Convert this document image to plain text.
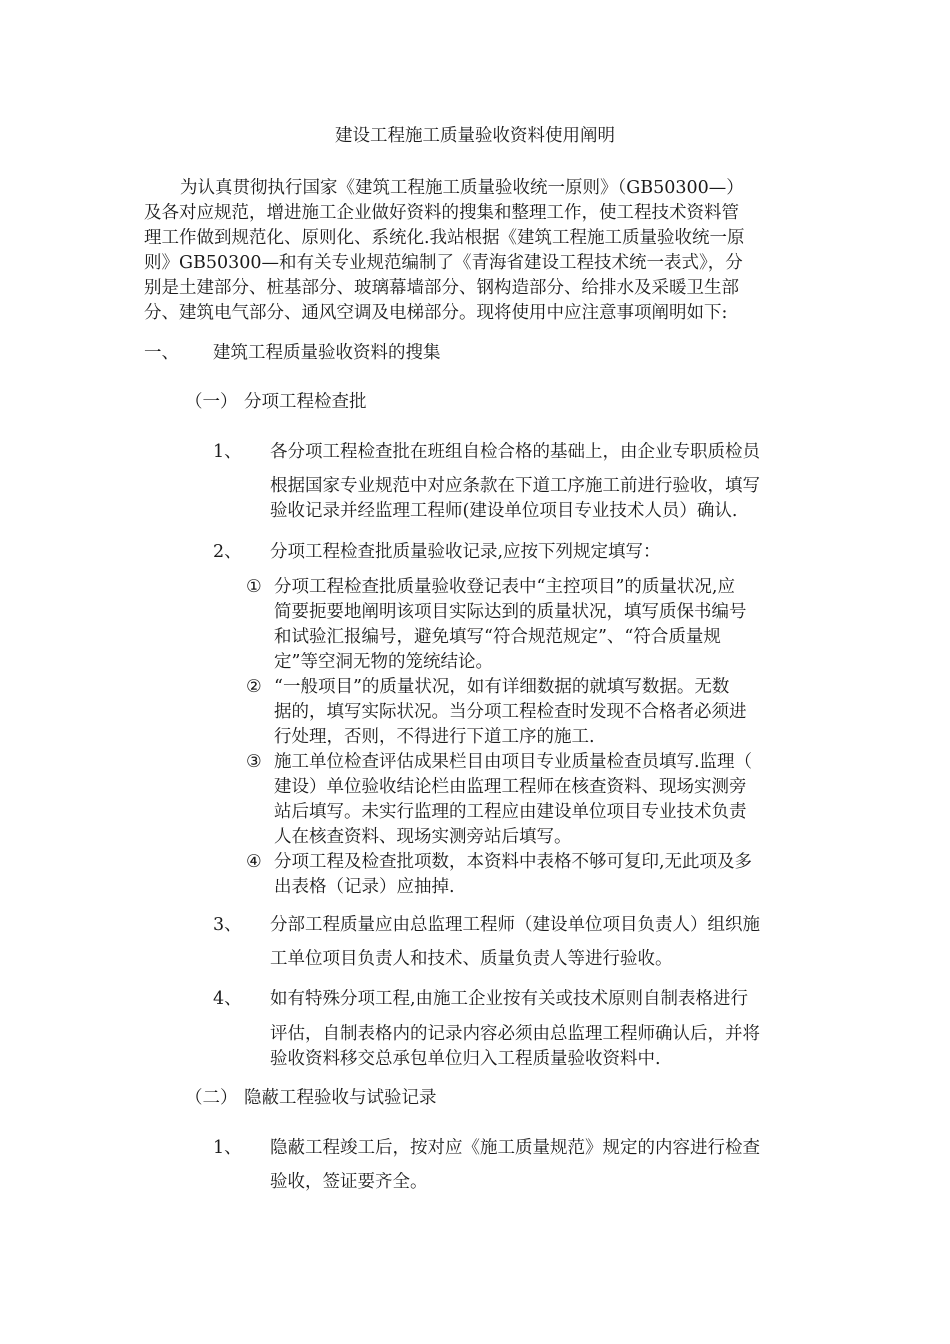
建设工程施工质量验收资料使用阐明
为认真贯彻执行国家《建筑工程施工质量验收统一原则》（GB50300—）
及各对应规范，增进施工企业做好资料的搜集和整理工作，使工程技术资料管
理工作做到规范化、原则化、系统化.我站根据《建筑工程施工质量验收统一原
则》GB50300—和有关专业规范编制了《青海省建设工程技术统一表式》，分
别是土建部分、桩基部分、玻璃幕墙部分、钢构造部分、给排水及采暖卫生部
分、建筑电气部分、通风空调及电梯部分。现将使用中应注意事项阐明如下:
一、 建筑工程质量验收资料的搜集
（一） 分项工程检查批
1、 各分项工程检查批在班组自检合格的基础上，由企业专职质检员
根据国家专业规范中对应条款在下道工序施工前进行验收，填写
验收记录并经监理工程师(建设单位项目专业技术人员）确认.
2、 分项工程检查批质量验收记录,应按下列规定填写：
① 分项工程检查批质量验收登记表中“主控项目”的质量状况,应
简要扼要地阐明该项目实际达到的质量状况，填写质保书编号
和试验汇报编号，避免填写“符合规范规定”、“符合质量规
定”等空洞无物的笼统结论。
② “一般项目”的质量状况，如有详细数据的就填写数据。无数
据的，填写实际状况。当分项工程检查时发现不合格者必须进
行处理，否则，不得进行下道工序的施工.
③ 施工单位检查评估成果栏目由项目专业质量检查员填写.监理（
建设）单位验收结论栏由监理工程师在核查资料、现场实测旁
站后填写。未实行监理的工程应由建设单位项目专业技术负责
人在核查资料、现场实测旁站后填写。
④ 分项工程及检查批项数，本资料中表格不够可复印,无此项及多
出表格（记录）应抽掉.
3、 分部工程质量应由总监理工程师（建设单位项目负责人）组织施
工单位项目负责人和技术、质量负责人等进行验收。
4、 如有特殊分项工程,由施工企业按有关或技术原则自制表格进行
评估，自制表格内的记录内容必须由总监理工程师确认后，并将
验收资料移交总承包单位归入工程质量验收资料中.
（二） 隐蔽工程验收与试验记录
1、 隐蔽工程竣工后，按对应《施工质量规范》规定的内容进行检查
验收，签证要齐全。
